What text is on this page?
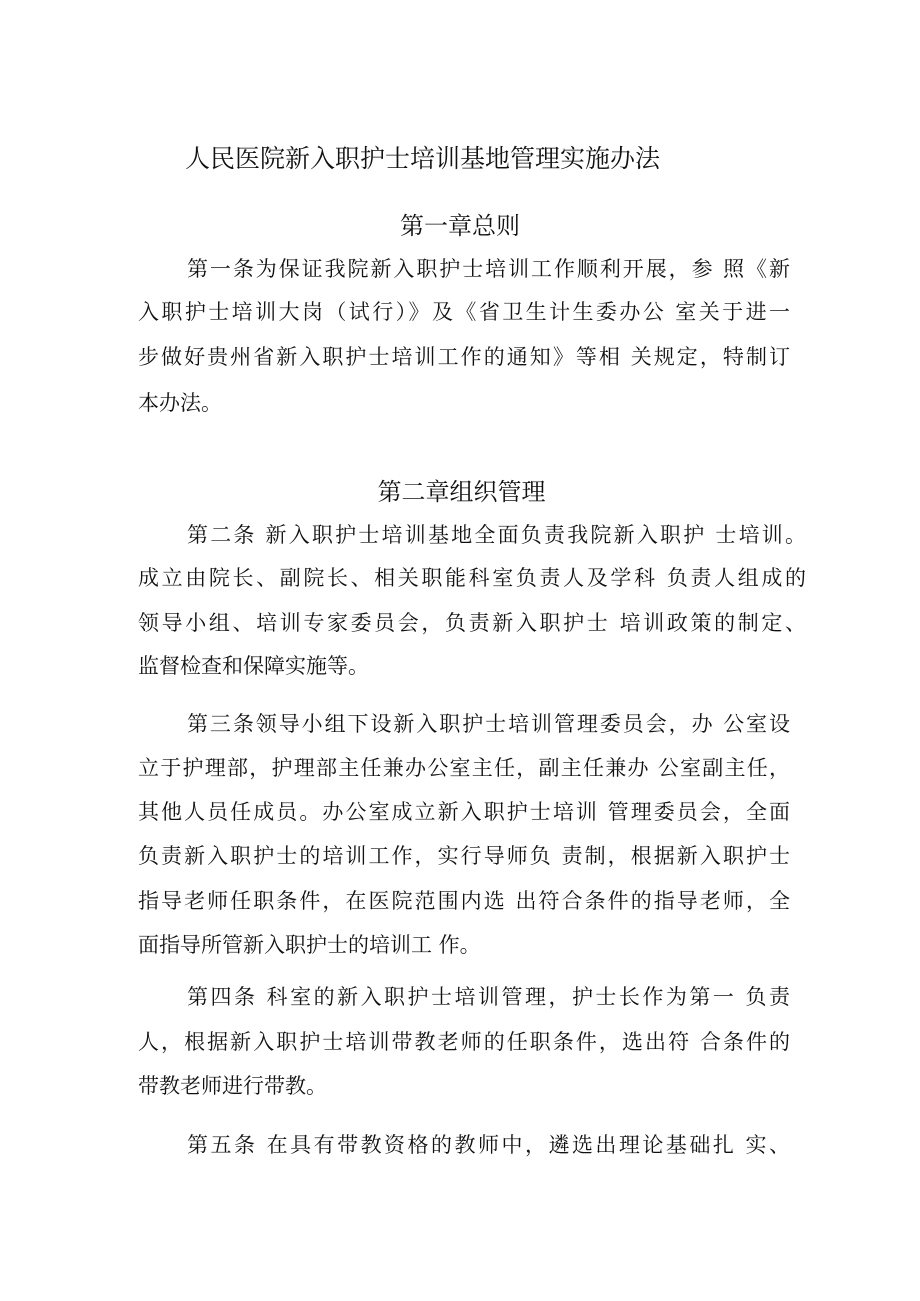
人民医院新入职护士培训基地管理实施办法
第一章总则
第一条为保证我院新入职护士培训工作顺利开展，参 照《新
入职护士培训大岗（试行）》及《省卫生计生委办公 室关于进一
步做好贵州省新入职护士培训工作的通知》等相 关规定，特制订
本办法。
第二章组织管理
第二条 新入职护士培训基地全面负责我院新入职护 士培训。
成立由院长、副院长、相关职能科室负责人及学科 负责人组成的
领导小组、培训专家委员会，负责新入职护士 培训政策的制定、
监督检查和保障实施等。
第三条领导小组下设新入职护士培训管理委员会，办 公室设
立于护理部，护理部主任兼办公室主任，副主任兼办 公室副主任，
其他人员任成员。办公室成立新入职护士培训 管理委员会，全面
负责新入职护士的培训工作，实行导师负 责制，根据新入职护士
指导老师任职条件，在医院范围内选 出符合条件的指导老师，全
面指导所管新入职护士的培训工 作。
第四条 科室的新入职护士培训管理，护士长作为第一 负责
人，根据新入职护士培训带教老师的任职条件，选出符 合条件的
带教老师进行带教。
第五条 在具有带教资格的教师中，遴选出理论基础扎 实、
